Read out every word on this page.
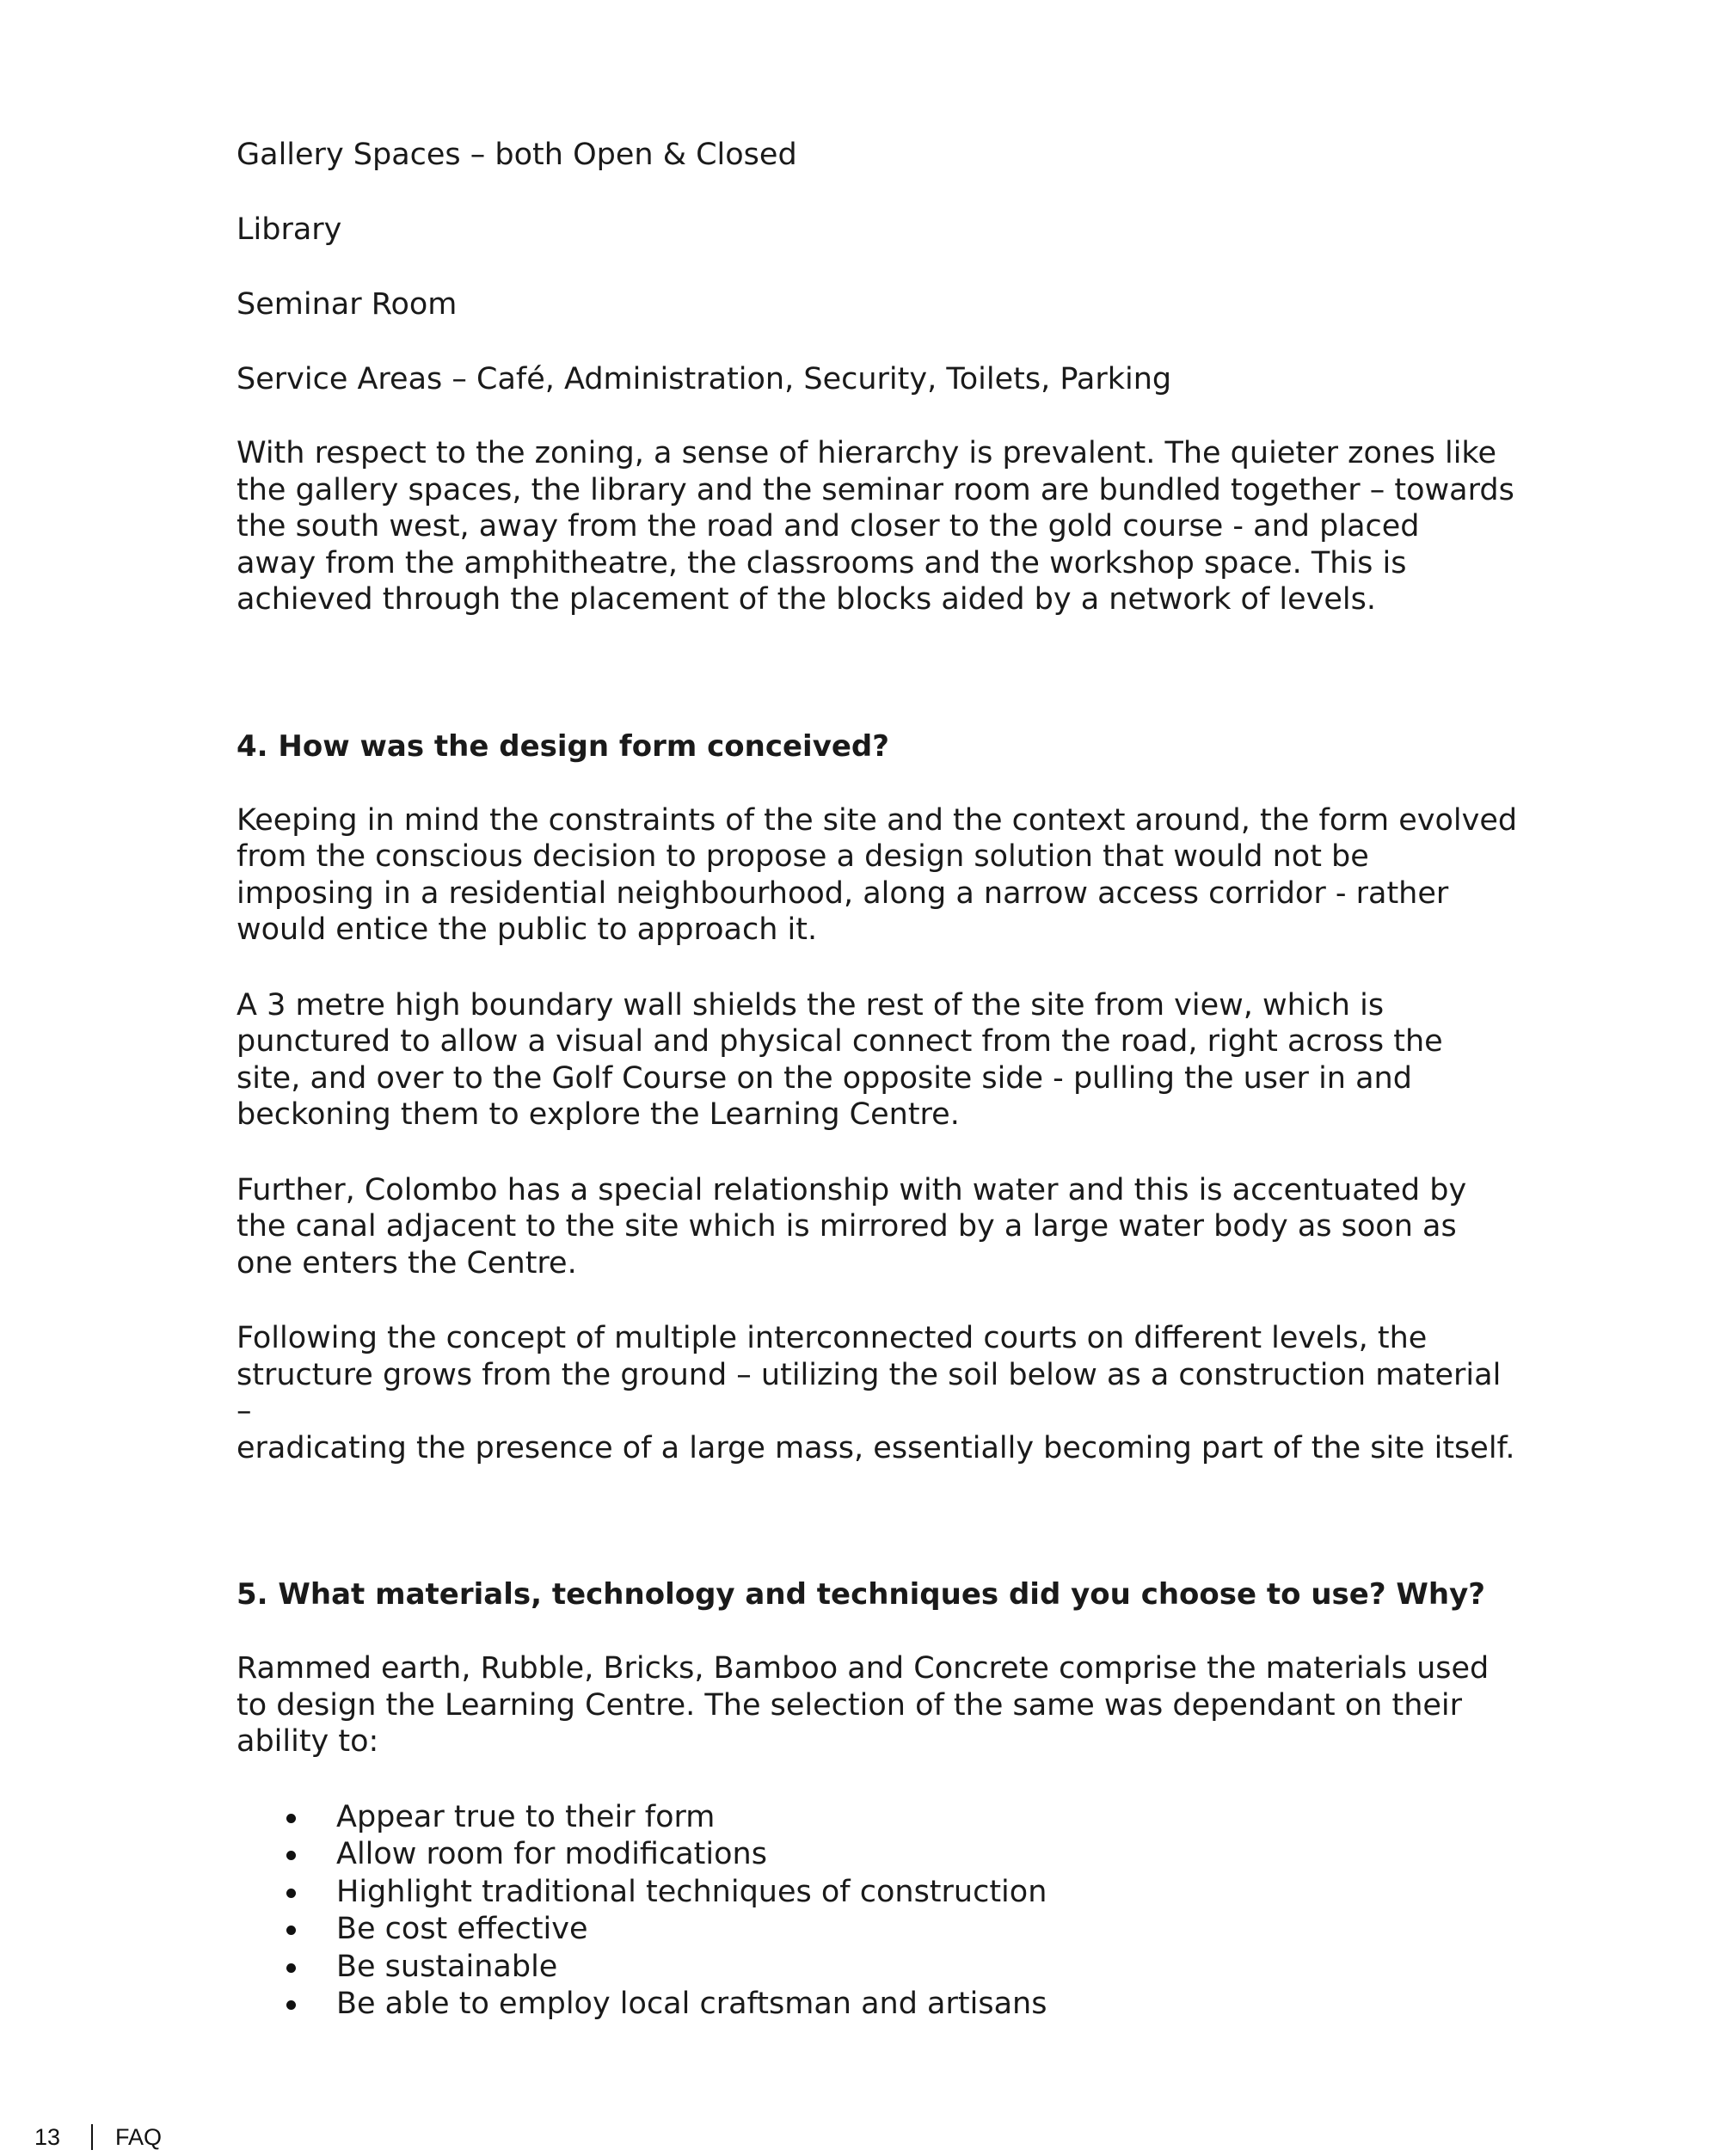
Gallery Spaces – both Open & Closed

Library

Seminar Room

Service Areas – Café, Administration, Security, Toilets, Parking

With respect to the zoning, a sense of hierarchy is prevalent. The quieter zones like
the gallery spaces, the library and the seminar room are bundled together – towards
the south west, away from the road and closer to the gold course - and placed
away from the amphitheatre, the classrooms and the workshop space. This is
achieved through the placement of the blocks aided by a network of levels.
4. How was the design form conceived?
Keeping in mind the constraints of the site and the context around, the form evolved
from the conscious decision to propose a design solution that would not be
imposing in a residential neighbourhood, along a narrow access corridor - rather
would entice the public to approach it.
A 3 metre high boundary wall shields the rest of the site from view, which is
punctured to allow a visual and physical connect from the road, right across the
site, and over to the Golf Course on the opposite side - pulling the user in and
beckoning them to explore the Learning Centre.
Further, Colombo has a special relationship with water and this is accentuated by
the canal adjacent to the site which is mirrored by a large water body as soon as
one enters the Centre.
Following the concept of multiple interconnected courts on different levels, the
structure grows from the ground – utilizing the soil below as a construction material –
eradicating the presence of a large mass, essentially becoming part of the site itself.
5. What materials, technology and techniques did you choose to use? Why?
Rammed earth, Rubble, Bricks, Bamboo and Concrete comprise the materials used
to design the Learning Centre. The selection of the same was dependant on their
ability to:
Appear true to their form
Allow room for modifications
Highlight traditional techniques of construction
Be cost effective
Be sustainable
Be able to employ local craftsman and artisans
13 FAQ
